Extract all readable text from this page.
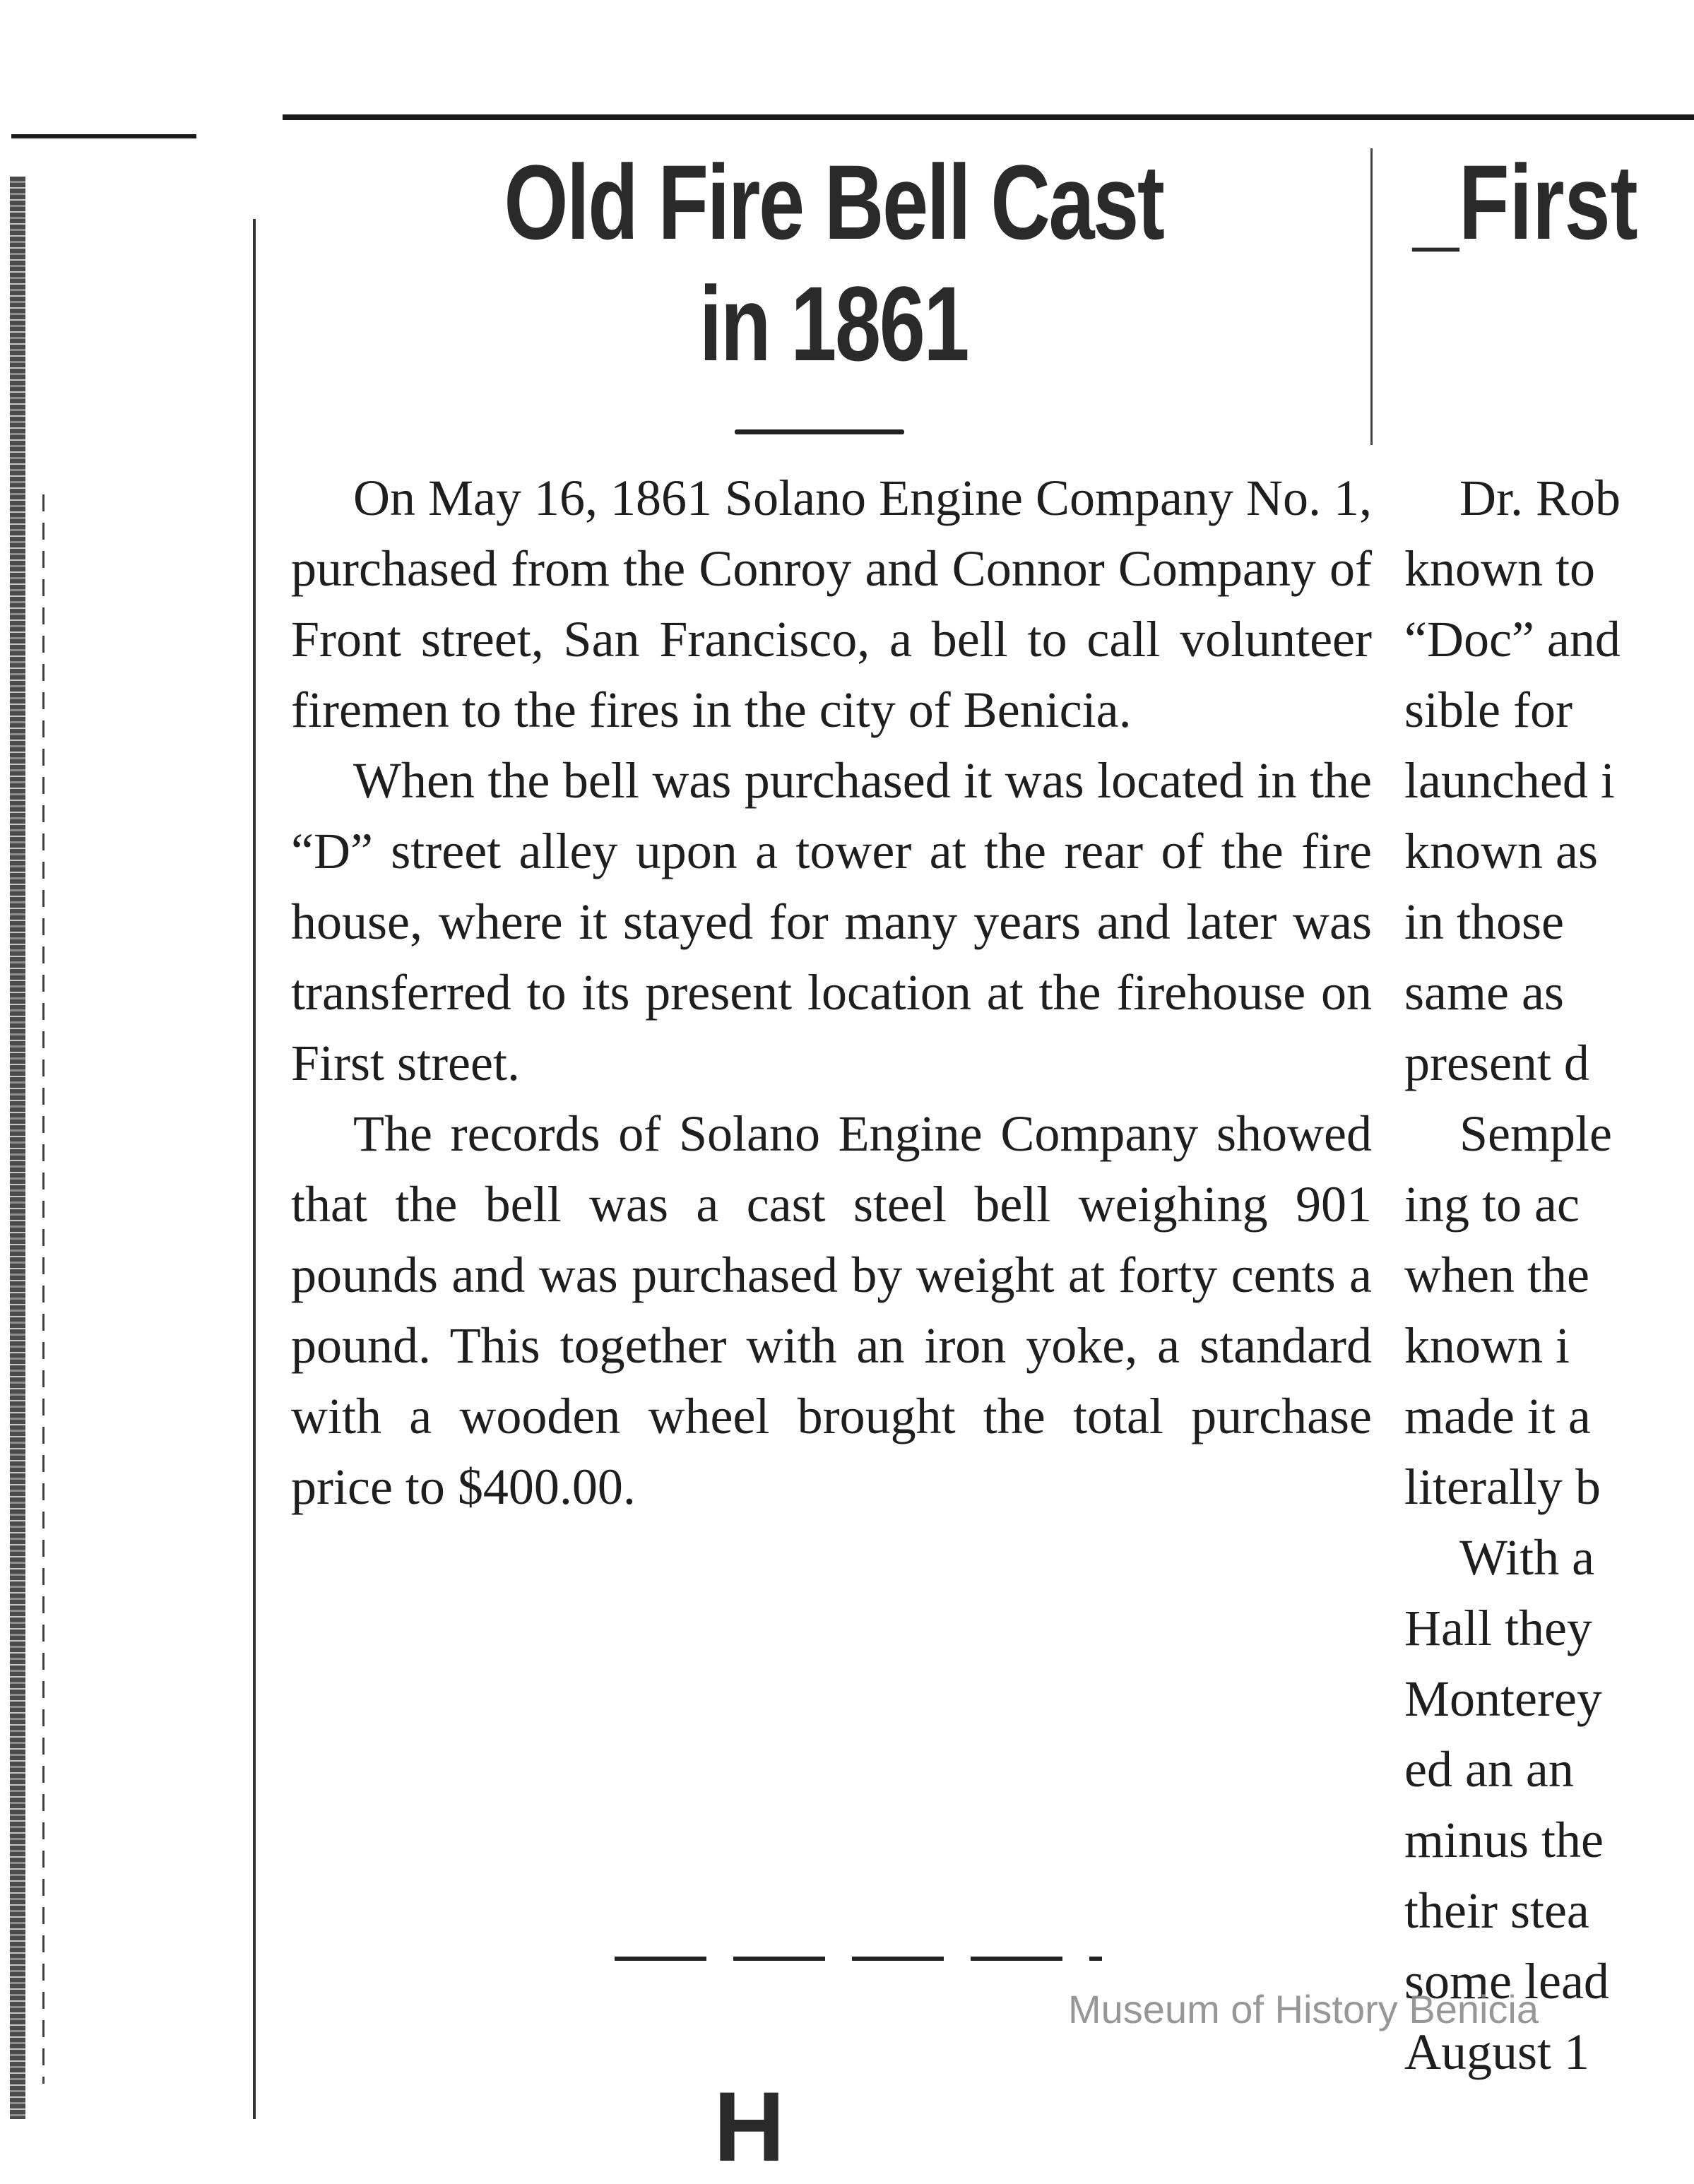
Old Fire Bell Cast
in 1861
_First

On May 16, 1861 Solano Engine Company No. 1, purchased from the Conroy and Connor Company of Front street, San Francisco, a bell to call volunteer firemen to the fires in the city of Benicia.

When the bell was purchased it was located in the “D” street alley upon a tower at the rear of the fire house, where it stayed for many years and later was transferred to its present location at the firehouse on First street.

The records of Solano Engine Company showed that the bell was a cast steel bell weighing 901 pounds and was purchased by weight at forty cents a pound. This together with an iron yoke, a standard with a wooden wheel brought the total purchase price to $400.00.

Dr. Rob
known to
“Doc” and
sible for
launched i
known as
in those
same as
present d
Semple
ing to ac
when the
known i
made it a
literally b
With a
Hall they
Monterey
ed an an
minus the
their stea
some lead
August 1
H
Museum of History Benicia
